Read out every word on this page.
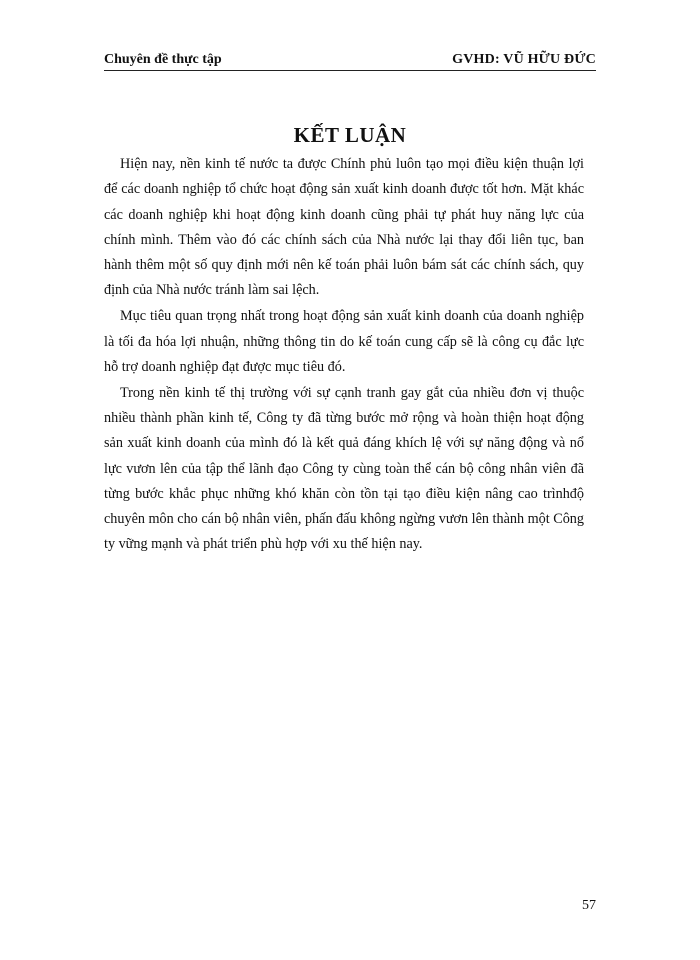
Chuyên đề thực tập	GVHD: VŨ HỮU ĐỨC
KẾT LUẬN

Hiện nay, nền kinh tế nước ta được Chính phủ luôn tạo mọi điều kiện thuận lợi để các doanh nghiệp tổ chức hoạt động sản xuất kinh doanh được tốt hơn. Mặt khác các doanh nghiệp khi hoạt động kinh doanh cũng phải tự phát huy năng lực của chính mình. Thêm vào đó các chính sách của Nhà nước lại thay đổi liên tục, ban hành thêm một số quy định mới nên kế toán phải luôn bám sát các chính sách, quy định của Nhà nước tránh làm sai lệch.

Mục tiêu quan trọng nhất trong hoạt động sản xuất kinh doanh của doanh nghiệp là tối đa hóa lợi nhuận, những thông tin do kế toán cung cấp sẽ là công cụ đắc lực hỗ trợ doanh nghiệp đạt được mục tiêu đó.

Trong nền kinh tế thị trường với sự cạnh tranh gay gắt của nhiều đơn vị thuộc nhiều thành phần kinh tế, Công ty đã từng bước mở rộng và hoàn thiện hoạt động sản xuất kinh doanh của mình đó là kết quả đáng khích lệ với sự năng động và nổ lực vươn lên của tập thể lãnh đạo Công ty cùng toàn thể cán bộ công nhân viên đã từng bước khắc phục những khó khăn còn tồn tại tạo điều kiện nâng cao trìnhđộ chuyên môn cho cán bộ nhân viên, phấn đấu không ngừng vươn lên thành một Công ty vững mạnh và phát triển phù hợp với xu thế hiện nay.

57
